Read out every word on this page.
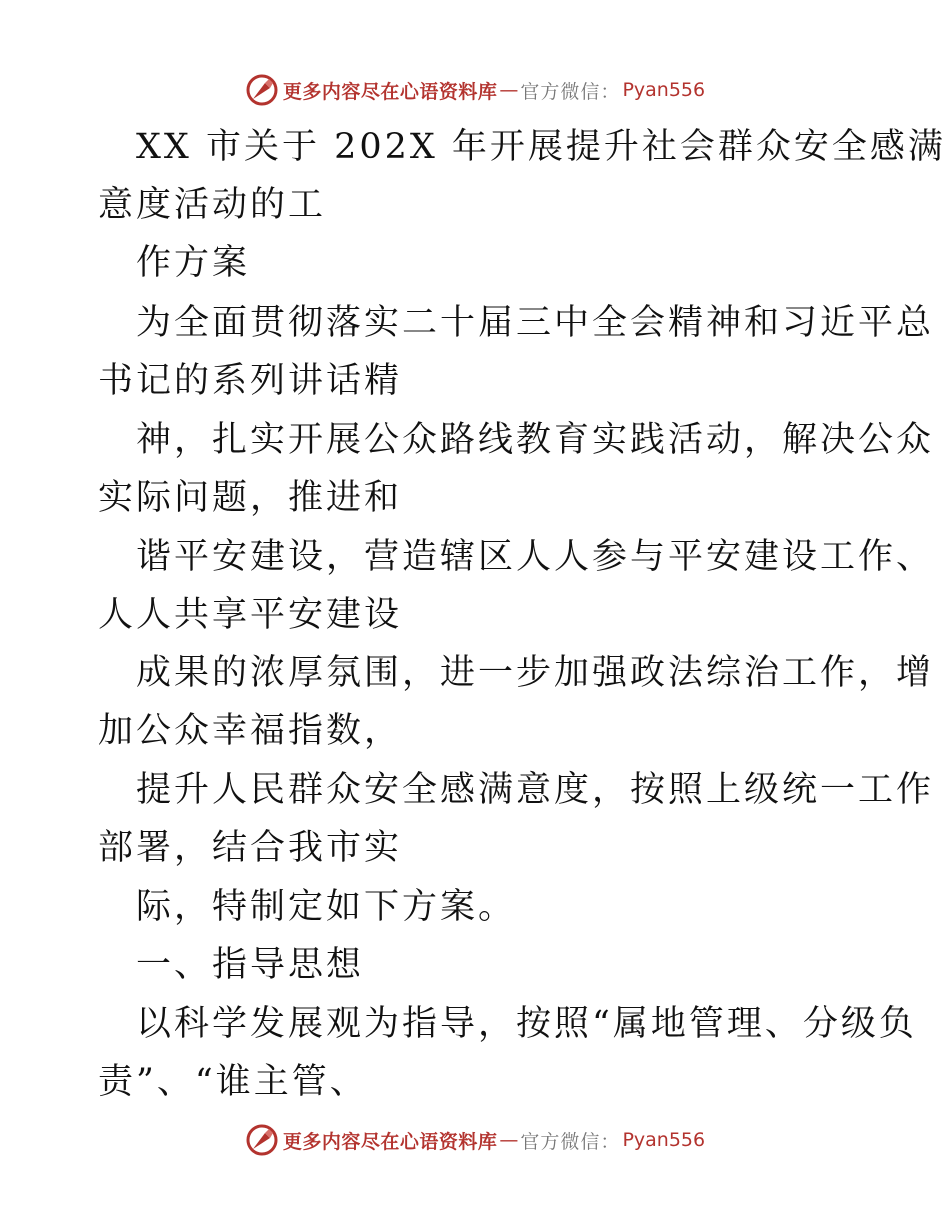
更多内容尽在心语资料库 — 官方微信： Pyan556
XX 市关于 202X 年开展提升社会群众安全感满
意度活动的工
作方案
为全面贯彻落实二十届三中全会精神和习近平总
书记的系列讲话精
神，扎实开展公众路线教育实践活动，解决公众
实际问题，推进和
谐平安建设，营造辖区人人参与平安建设工作、
人人共享平安建设
成果的浓厚氛围，进一步加强政法综治工作，增
加公众幸福指数，
提升人民群众安全感满意度，按照上级统一工作
部署，结合我市实
际，特制定如下方案。
一、指导思想
以科学发展观为指导，按照“属地管理、分级负
责”、“谁主管、
更多内容尽在心语资料库 — 官方微信： Pyan556
